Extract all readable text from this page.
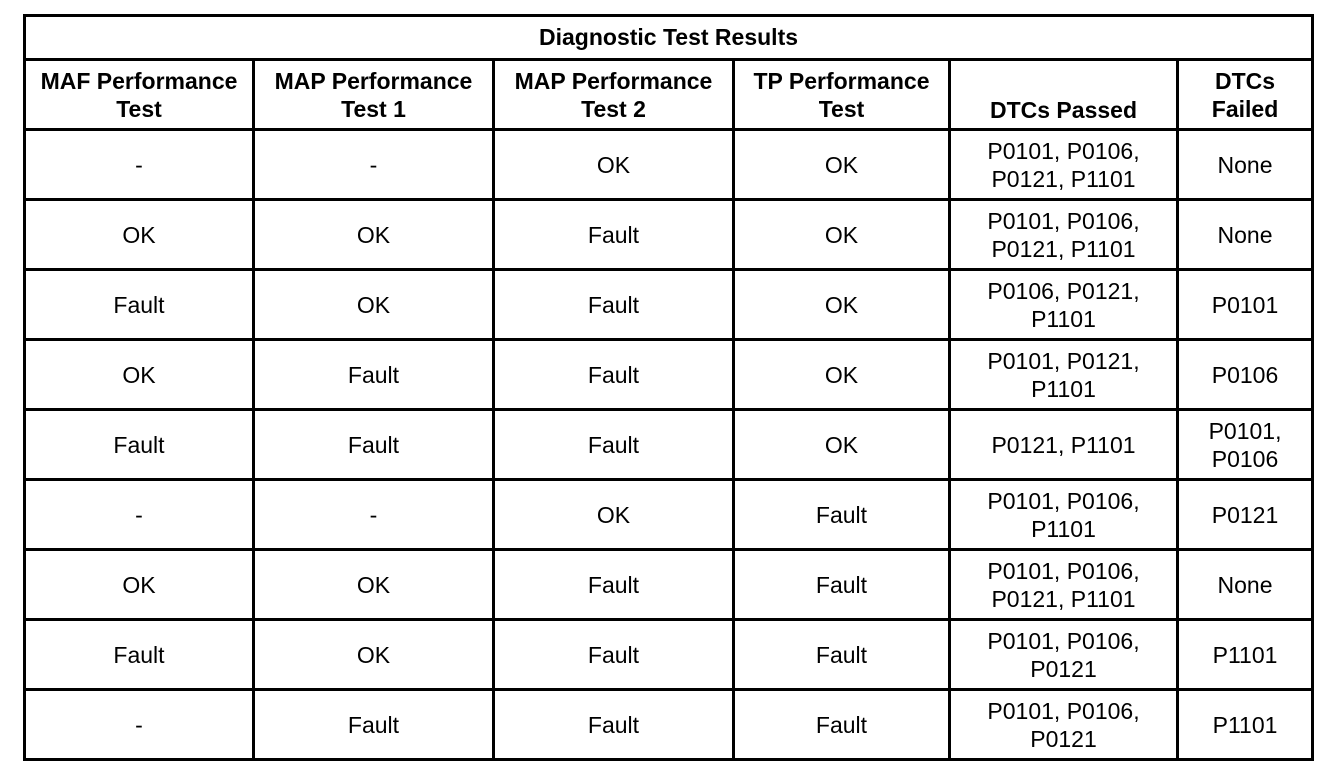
Diagnostic Test Results					
MAF Performance Test	MAP Performance Test 1	MAP Performance Test 2	TP Performance Test	DTCs Passed	DTCs Failed
-	-	OK	OK	P0101, P0106, P0121, P1101	None
OK	OK	Fault	OK	P0101, P0106, P0121, P1101	None
Fault	OK	Fault	OK	P0106, P0121, P1101	P0101
OK	Fault	Fault	OK	P0101, P0121, P1101	P0106
Fault	Fault	Fault	OK	P0121, P1101	P0101, P0106
-	-	OK	Fault	P0101, P0106, P1101	P0121
OK	OK	Fault	Fault	P0101, P0106, P0121, P1101	None
Fault	OK	Fault	Fault	P0101, P0106, P0121	P1101
-	Fault	Fault	Fault	P0101, P0106, P0121	P1101
